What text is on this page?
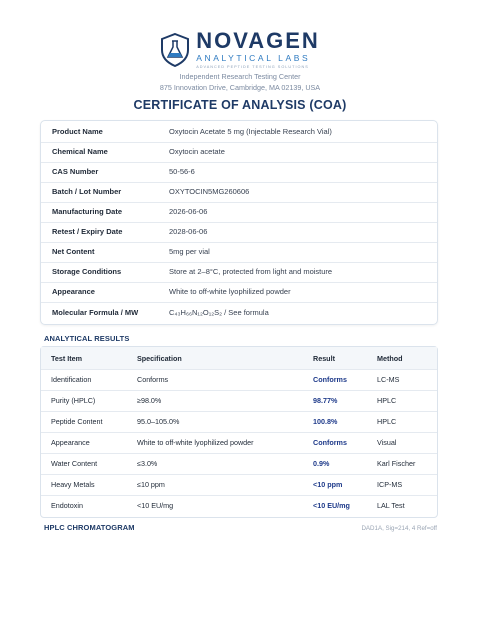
NOVAGEN
ANALYTICAL LABS
ADVANCED PEPTIDE TESTING SOLUTIONS
Independent Research Testing Center
875 Innovation Drive, Cambridge, MA 02139, USA
CERTIFICATE OF ANALYSIS (COA)
Product Name	Oxytocin Acetate 5 mg (Injectable Research Vial)
Chemical Name	Oxytocin acetate
CAS Number	50-56-6
Batch / Lot Number	OXYTOCIN5MG260606
Manufacturing Date	2026-06-06
Retest / Expiry Date	2028-06-06
Net Content	5mg per vial
Storage Conditions	Store at 2–8°C, protected from light and moisture
Appearance	White to off-white lyophilized powder
Molecular Formula / MW	C₄₃H₆₆N₁₂O₁₂S₂ / See formula
ANALYTICAL RESULTS
Test Item	Specification	Result	Method
Identification	Conforms	Conforms	LC-MS
Purity (HPLC)	≥98.0%	98.77%	HPLC
Peptide Content	95.0–105.0%	100.8%	HPLC
Appearance	White to off-white lyophilized powder	Conforms	Visual
Water Content	≤3.0%	0.9%	Karl Fischer
Heavy Metals	≤10 ppm	<10 ppm	ICP-MS
Endotoxin	<10 EU/mg	<10 EU/mg	LAL Test
HPLC CHROMATOGRAM	DAD1A, Sig=214, 4 Ref=off
